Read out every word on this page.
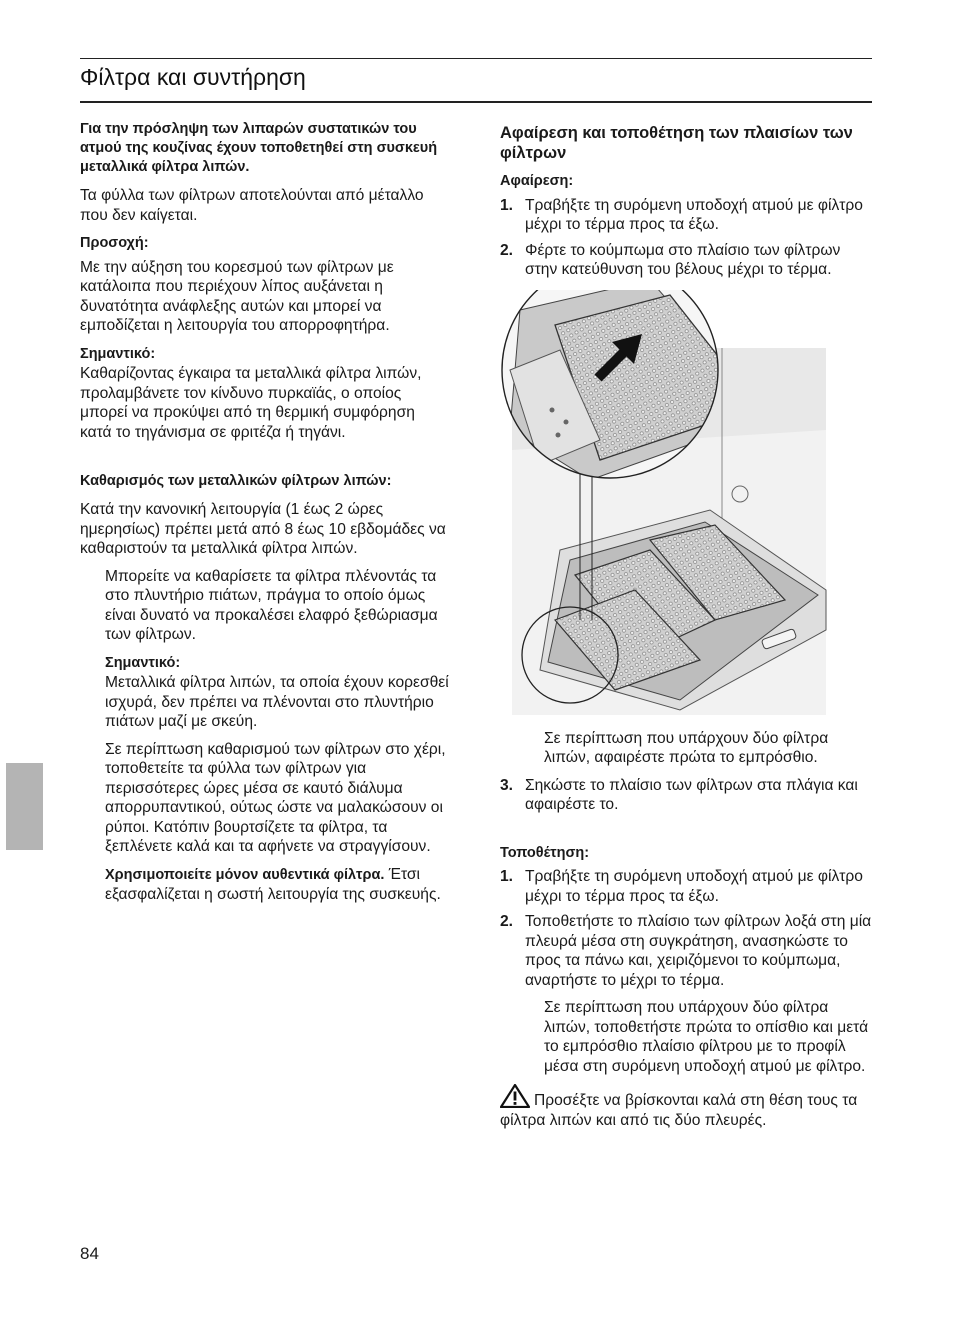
Φίλτρα και συντήρηση

Για την πρόσληψη των λιπαρών συστατικών του ατμού της κουζίνας έχουν τοποθετηθεί στη συσκευή μεταλλικά φίλτρα λιπών.

Τα φύλλα των φίλτρων αποτελούνται από μέταλλο που δεν καίγεται.

Προσοχή:

Με την αύξηση του κορεσμού των φίλτρων με κατάλοιπα που περιέχουν λίπος αυξάνεται η δυνατότητα ανάφλεξης αυτών και μπορεί να εμποδίζεται η λειτουργία του απορροφητήρα.

Σημαντικό:

Καθαρίζοντας έγκαιρα τα μεταλλικά φίλτρα λιπών, προλαμβάνετε τον κίνδυνο πυρκαϊάς, ο οποίος μπορεί να προκύψει από τη θερμική συμφόρηση κατά το τηγάνισμα σε φριτέζα ή τηγάνι.

Καθαρισμός των μεταλλικών φίλτρων λιπών:

Κατά την κανονική λειτουργία (1 έως 2 ώρες ημερησίως) πρέπει μετά από 8 έως 10 εβδομάδες να καθαριστούν τα μεταλλικά φίλτρα λιπών.

Μπορείτε να καθαρίσετε τα φίλτρα πλένοντάς τα στο πλυντήριο πιάτων, πράγμα το οποίο όμως είναι δυνατό να προκαλέσει ελαφρό ξεθώριασμα των φίλτρων.

Σημαντικό:

Μεταλλικά φίλτρα λιπών, τα οποία έχουν κορεσθεί ισχυρά, δεν πρέπει να πλένονται στο πλυντήριο πιάτων μαζί με σκεύη.

Σε περίπτωση καθαρισμού των φίλτρων στο χέρι, τοποθετείτε τα φύλλα των φίλτρων για περισσότερες ώρες μέσα σε καυτό διάλυμα απορρυπαντικού, ούτως ώστε να μαλακώσουν οι ρύποι. Κατόπιν βουρτσίζετε τα φίλτρα, τα ξεπλένετε καλά και τα αφήνετε να στραγγίσουν.

Χρησιμοποιείτε μόνον αυθεντικά φίλτρα. Έτσι εξασφαλίζεται η σωστή λειτουργία της συσκευής.

Αφαίρεση και τοποθέτηση των πλαισίων των φίλτρων

Αφαίρεση:

1. Τραβήξτε τη συρόμενη υποδοχή ατμού με φίλτρο μέχρι το τέρμα προς τα έξω.
2. Φέρτε το κούμπωμα στο πλαίσιο των φίλτρων στην κατεύθυνση του βέλους μέχρι το τέρμα.

Σε περίπτωση που υπάρχουν δύο φίλτρα λιπών, αφαιρέστε πρώτα το εμπρόσθιο.

3. Σηκώστε το πλαίσιο των φίλτρων στα πλάγια και αφαιρέστε το.

Τοποθέτηση:

1. Τραβήξτε τη συρόμενη υποδοχή ατμού με φίλτρο μέχρι το τέρμα προς τα έξω.
2. Τοποθετήστε το πλαίσιο των φίλτρων λοξά στη μία πλευρά μέσα στη συγκράτηση, ανασηκώστε το προς τα πάνω και, χειριζόμενοι το κούμπωμα, αναρτήστε το μέχρι το τέρμα.

Σε περίπτωση που υπάρχουν δύο φίλτρα λιπών, τοποθετήστε πρώτα το οπίσθιο και μετά το εμπρόσθιο πλαίσιο φίλτρου με το προφίλ μέσα στη συρόμενη υποδοχή ατμού με φίλτρο.

Προσέξτε να βρίσκονται καλά στη θέση τους τα φίλτρα λιπών και από τις δύο πλευρές.

84
